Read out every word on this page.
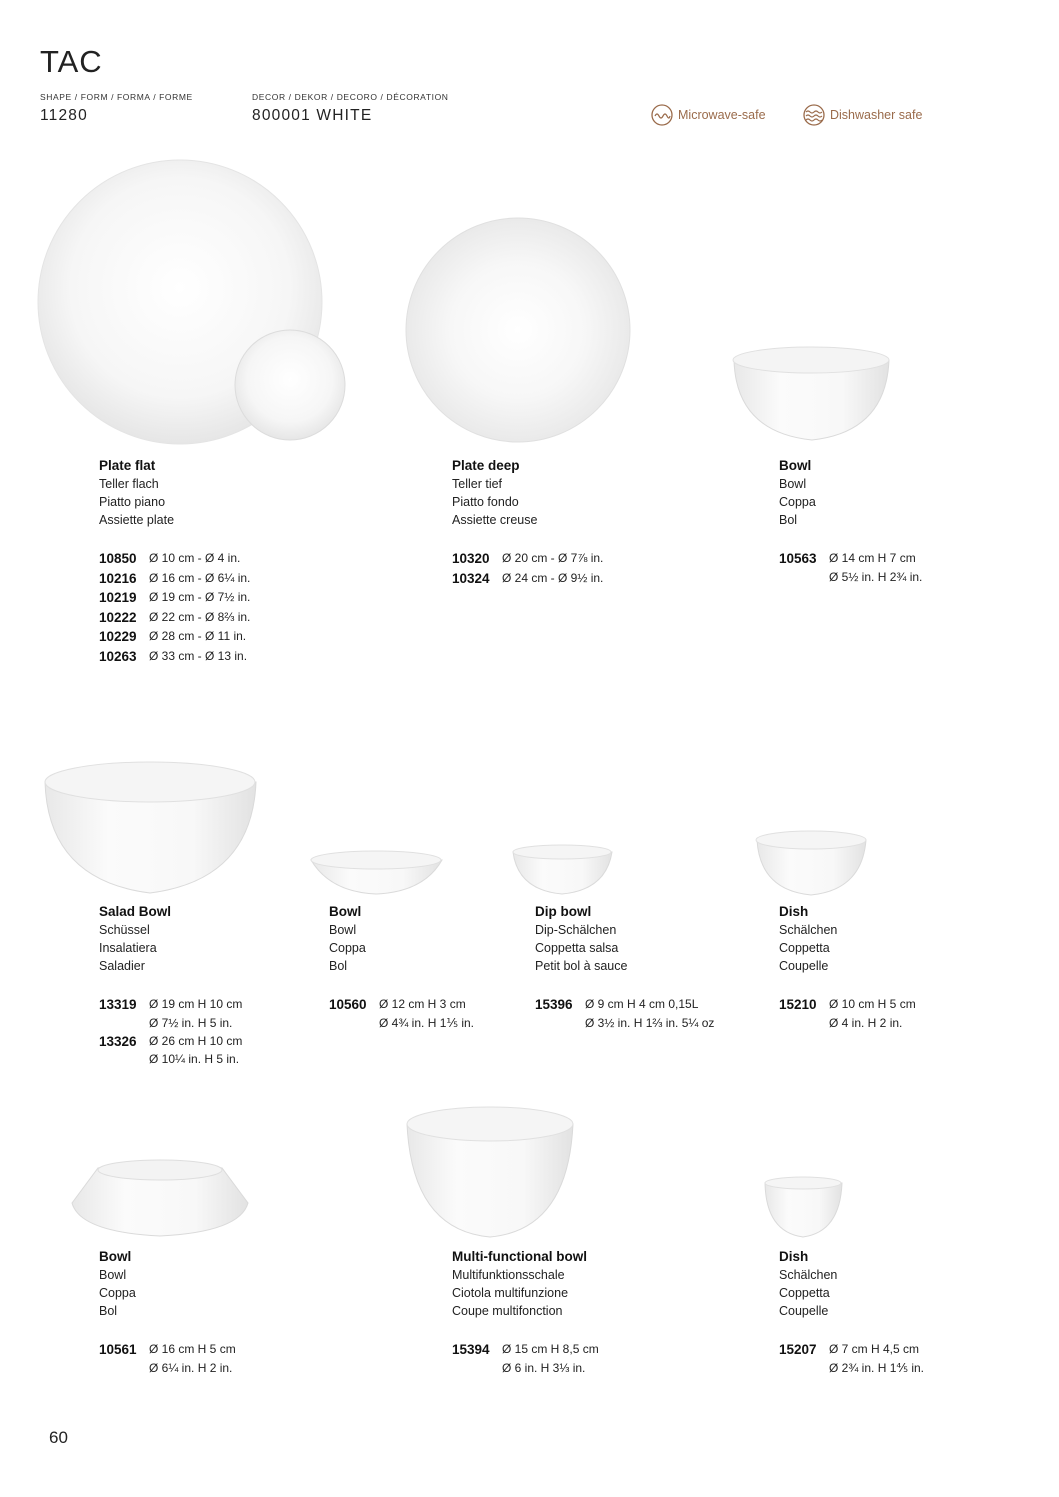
TAC
SHAPE / FORM / FORMA / FORME
11280
DECOR / DEKOR / DECORO / DÉCORATION
800001 WHITE	Microwave-safe	Dishwasher safe
Plate flat
Teller flach
Piatto piano
Assiette plate
10850	Ø 10 cm - Ø 4 in.
10216	Ø 16 cm - Ø 6¼ in.
10219	Ø 19 cm - Ø 7½ in.
10222	Ø 22 cm - Ø 8⅔ in.
10229	Ø 28 cm - Ø 11 in.
10263	Ø 33 cm - Ø 13 in.
Plate deep
Teller tief
Piatto fondo
Assiette creuse
10320	Ø 20 cm - Ø 7⅞ in.
10324	Ø 24 cm - Ø 9½ in.
Bowl
Bowl
Coppa
Bol
10563	Ø 14 cm H 7 cm
Ø 5½ in. H 2¾ in.
Salad Bowl
Schüssel
Insalatiera
Saladier
13319	Ø 19 cm H 10 cm
Ø 7½ in. H 5 in.
13326	Ø 26 cm H 10 cm
Ø 10¼ in. H 5 in.
Bowl
Bowl
Coppa
Bol
10560	Ø 12 cm H 3 cm
Ø 4¾ in. H 1⅕ in.
Dip bowl
Dip-Schälchen
Coppetta salsa
Petit bol à sauce
15396	Ø 9 cm H 4 cm 0,15L
Ø 3½ in. H 1⅔ in. 5¼ oz
Dish
Schälchen
Coppetta
Coupelle
15210	Ø 10 cm H 5 cm
Ø 4 in. H 2 in.
Bowl
Bowl
Coppa
Bol
10561	Ø 16 cm H 5 cm
Ø 6¼ in. H 2 in.
Multi-functional bowl
Multifunktionsschale
Ciotola multifunzione
Coupe multifonction
15394	Ø 15 cm H 8,5 cm
Ø 6 in. H 3⅓ in.
Dish
Schälchen
Coppetta
Coupelle
15207	Ø 7 cm H 4,5 cm
Ø 2¾ in. H 1⅘ in.
60
